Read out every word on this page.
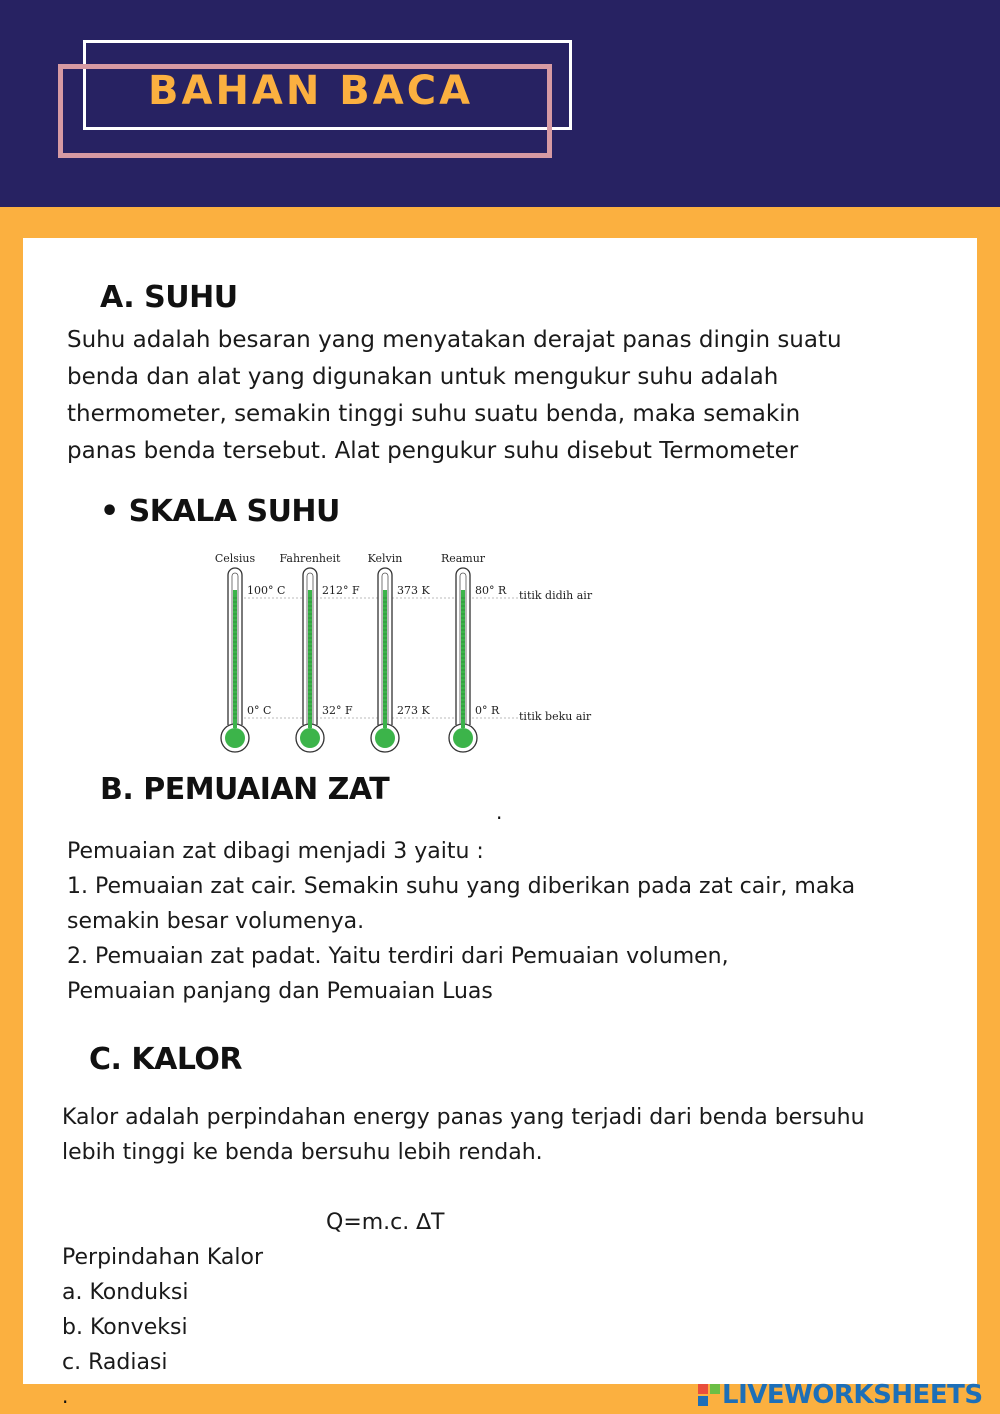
BAHAN BACA
A. SUHU

Suhu adalah besaran yang menyatakan derajat panas dingin suatu

benda dan alat yang digunakan untuk mengukur suhu adalah

thermometer, semakin tinggi suhu suatu benda, maka semakin

panas benda tersebut. Alat pengukur suhu disebut Termometer

• SKALA SUHU
Celsius
100° C
0° C
Fahrenheit
212° F
32° F
Kelvin
373 K
273 K
Reamur
80° R
0° R
titik didih air
titik beku air
B. PEMUAIAN ZAT
.

Pemuaian zat dibagi menjadi 3 yaitu :

1. Pemuaian zat cair. Semakin suhu yang diberikan pada zat cair, maka

semakin besar volumenya.

2. Pemuaian zat padat. Yaitu terdiri dari Pemuaian volumen,

Pemuaian panjang dan Pemuaian Luas

C. KALOR

Kalor adalah perpindahan energy panas yang terjadi dari benda bersuhu

lebih tinggi ke benda bersuhu lebih rendah.

Q=m.c. ∆T
Perpindahan Kalor
a. Konduksi
b. Konveksi
c. Radiasi
.	LIVEWORKSHEETS
